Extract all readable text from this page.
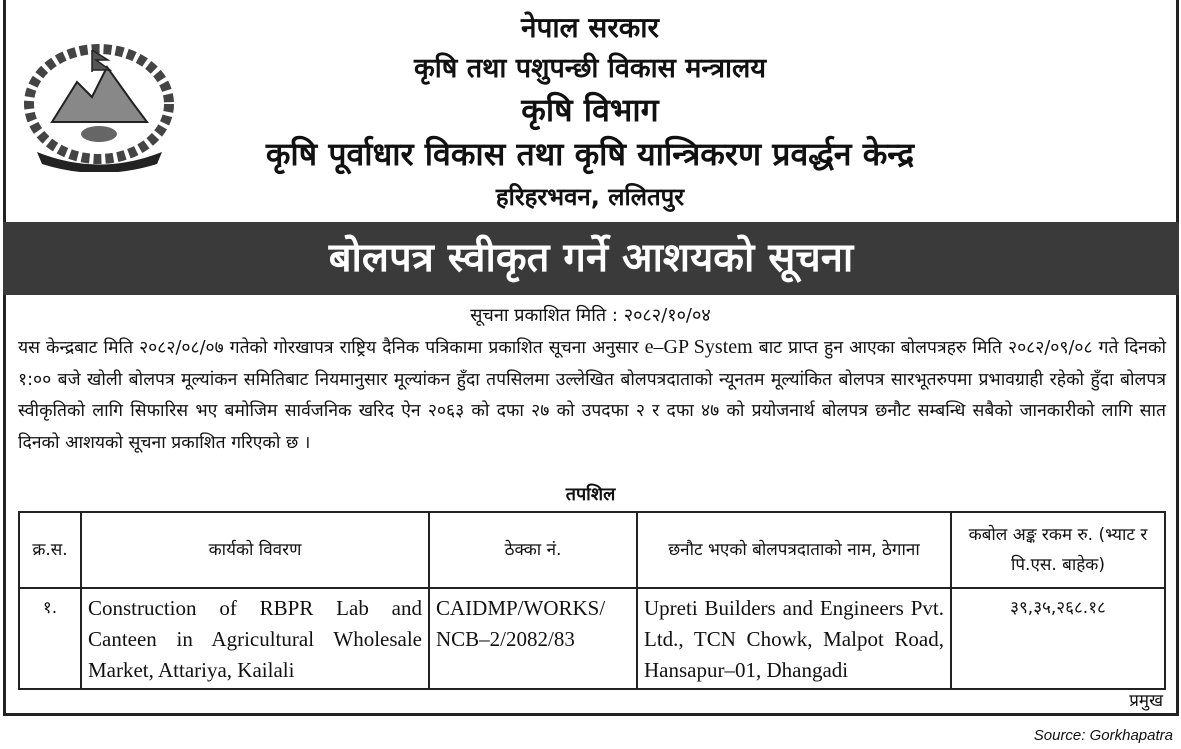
नेपाल सरकार
कृषि तथा पशुपन्छी विकास मन्त्रालय
कृषि विभाग
कृषि पूर्वाधार विकास तथा कृषि यान्त्रिकरण प्रवर्द्धन केन्द्र
हरिहरभवन, ललितपुर
बोलपत्र स्वीकृत गर्ने आशयको सूचना
सूचना प्रकाशित मिति : २०८२/१०/०४
यस केन्द्रबाट मिति २०८२/०८/०७ गतेको गोरखापत्र राष्ट्रिय दैनिक पत्रिकामा प्रकाशित सूचना अनुसार e–GP System बाट प्राप्त हुन आएका बोलपत्रहरु मिति २०८२/०९/०८ गते दिनको १:०० बजे खोली बोलपत्र मूल्यांकन समितिबाट नियमानुसार मूल्यांकन हुँदा तपसिलमा उल्लेखित बोलपत्रदाताको न्यूनतम मूल्यांकित बोलपत्र सारभूतरुपमा प्रभावग्राही रहेको हुँदा बोलपत्र स्वीकृतिको लागि सिफारिस भए बमोजिम सार्वजनिक खरिद ऐन २०६३ को दफा २७ को उपदफा २ र दफा ४७ को प्रयोजनार्थ बोलपत्र छनौट सम्बन्धि सबैको जानकारीको लागि सात दिनको आशयको सूचना प्रकाशित गरिएको छ ।
तपशिल
क्र.स.	कार्यको विवरण	ठेक्का नं.	छनौट भएको बोलपत्रदाताको नाम, ठेगाना	कबोल अङ्क रकम रु. (भ्याट र पि.एस. बाहेक)
१.	Construction of RBPR Lab and Canteen in Agricultural Wholesale Market, Attariya, Kailali	CAIDMP/WORKS/ NCB–2/2082/83	Upreti Builders and Engineers Pvt. Ltd., TCN Chowk, Malpot Road, Hansapur–01, Dhangadi	३९,३५,२६८.१८
प्रमुख
Source: Gorkhapatra
